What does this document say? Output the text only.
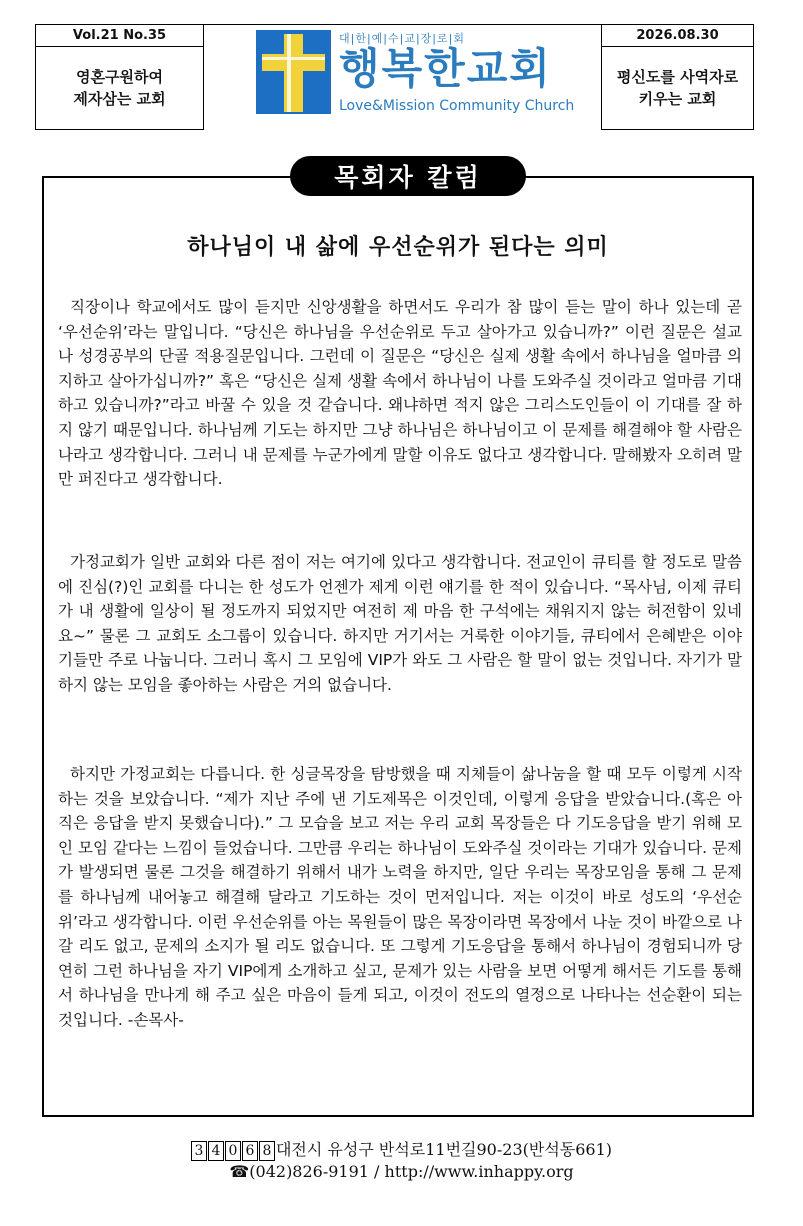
Vol.21 No.35
영혼구원하여
제자삼는 교회
대|한|예|수|교|장|로|회
행복한교회
Love&Mission Community Church
2026.08.30
평신도를 사역자로
키우는 교회
목회자 칼럼
하나님이 내 삶에 우선순위가 된다는 의미

직장이나 학교에서도 많이 듣지만 신앙생활을 하면서도 우리가 참 많이 듣는 말이 하나 있는데 곧 ‘우선순위’라는 말입니다. “당신은 하나님을 우선순위로 두고 살아가고 있습니까?” 이런 질문은 설교나 성경공부의 단골 적용질문입니다. 그런데 이 질문은 “당신은 실제 생활 속에서 하나님을 얼마큼 의지하고 살아가십니까?” 혹은 “당신은 실제 생활 속에서 하나님이 나를 도와주실 것이라고 얼마큼 기대하고 있습니까?”라고 바꿀 수 있을 것 같습니다. 왜냐하면 적지 않은 그리스도인들이 이 기대를 잘 하지 않기 때문입니다. 하나님께 기도는 하지만 그냥 하나님은 하나님이고 이 문제를 해결해야 할 사람은 나라고 생각합니다. 그러니 내 문제를 누군가에게 말할 이유도 없다고 생각합니다. 말해봤자 오히려 말만 퍼진다고 생각합니다.

가정교회가 일반 교회와 다른 점이 저는 여기에 있다고 생각합니다. 전교인이 큐티를 할 정도로 말씀에 진심(?)인 교회를 다니는 한 성도가 언젠가 제게 이런 얘기를 한 적이 있습니다. “목사님, 이제 큐티가 내 생활에 일상이 될 정도까지 되었지만 여전히 제 마음 한 구석에는 채워지지 않는 허전함이 있네요~” 물론 그 교회도 소그룹이 있습니다. 하지만 거기서는 거룩한 이야기들, 큐티에서 은혜받은 이야기들만 주로 나눕니다. 그러니 혹시 그 모임에 VIP가 와도 그 사람은 할 말이 없는 것입니다. 자기가 말하지 않는 모임을 좋아하는 사람은 거의 없습니다.

하지만 가정교회는 다릅니다. 한 싱글목장을 탐방했을 때 지체들이 삶나눔을 할 때 모두 이렇게 시작하는 것을 보았습니다. “제가 지난 주에 낸 기도제목은 이것인데, 이렇게 응답을 받았습니다.(혹은 아직은 응답을 받지 못했습니다).” 그 모습을 보고 저는 우리 교회 목장들은 다 기도응답을 받기 위해 모인 모임 같다는 느낌이 들었습니다. 그만큼 우리는 하나님이 도와주실 것이라는 기대가 있습니다. 문제가 발생되면 물론 그것을 해결하기 위해서 내가 노력을 하지만, 일단 우리는 목장모임을 통해 그 문제를 하나님께 내어놓고 해결해 달라고 기도하는 것이 먼저입니다. 저는 이것이 바로 성도의 ‘우선순위’라고 생각합니다. 이런 우선순위를 아는 목원들이 많은 목장이라면 목장에서 나눈 것이 바깥으로 나갈 리도 없고, 문제의 소지가 될 리도 없습니다. 또 그렇게 기도응답을 통해서 하나님이 경험되니까 당연히 그런 하나님을 자기 VIP에게 소개하고 싶고, 문제가 있는 사람을 보면 어떻게 해서든 기도를 통해서 하나님을 만나게 해 주고 싶은 마음이 들게 되고, 이것이 전도의 열정으로 나타나는 선순환이 되는 것입니다. -손목사-

3 4 0 6 8 대전시 유성구 반석로11번길90-23(반석동661)
☎(042)826-9191 / http://www.inhappy.org
